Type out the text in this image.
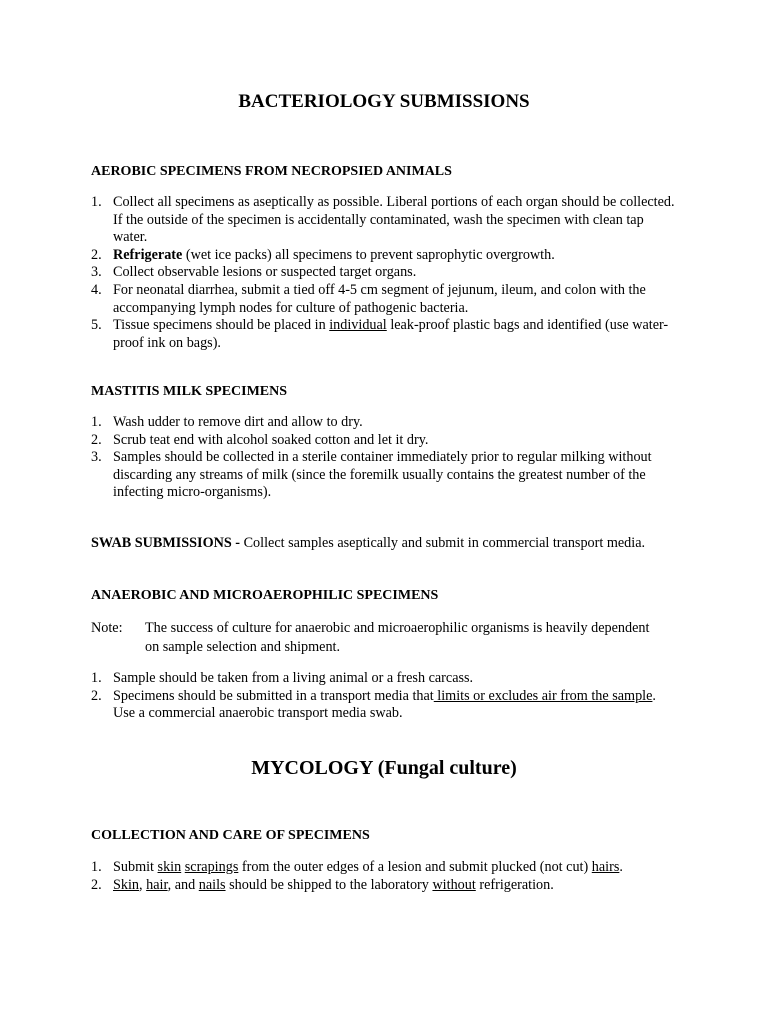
BACTERIOLOGY SUBMISSIONS
AEROBIC SPECIMENS FROM NECROPSIED ANIMALS
1. Collect all specimens as aseptically as possible. Liberal portions of each organ should be collected. If the outside of the specimen is accidentally contaminated, wash the specimen with clean tap water.
2. Refrigerate (wet ice packs) all specimens to prevent saprophytic overgrowth.
3. Collect observable lesions or suspected target organs.
4. For neonatal diarrhea, submit a tied off 4-5 cm segment of jejunum, ileum, and colon with the accompanying lymph nodes for culture of pathogenic bacteria.
5. Tissue specimens should be placed in individual leak-proof plastic bags and identified (use water-proof ink on bags).
MASTITIS MILK SPECIMENS
1. Wash udder to remove dirt and allow to dry.
2. Scrub teat end with alcohol soaked cotton and let it dry.
3. Samples should be collected in a sterile container immediately prior to regular milking without discarding any streams of milk (since the foremilk usually contains the greatest number of the infecting micro-organisms).
SWAB SUBMISSIONS - Collect samples aseptically and submit in commercial transport media.
ANAEROBIC AND MICROAEROPHILIC SPECIMENS
Note: The success of culture for anaerobic and microaerophilic organisms is heavily dependent on sample selection and shipment.
1. Sample should be taken from a living animal or a fresh carcass.
2. Specimens should be submitted in a transport media that limits or excludes air from the sample. Use a commercial anaerobic transport media swab.
MYCOLOGY (Fungal culture)
COLLECTION AND CARE OF SPECIMENS
1. Submit skin scrapings from the outer edges of a lesion and submit plucked (not cut) hairs.
2. Skin, hair, and nails should be shipped to the laboratory without refrigeration.
